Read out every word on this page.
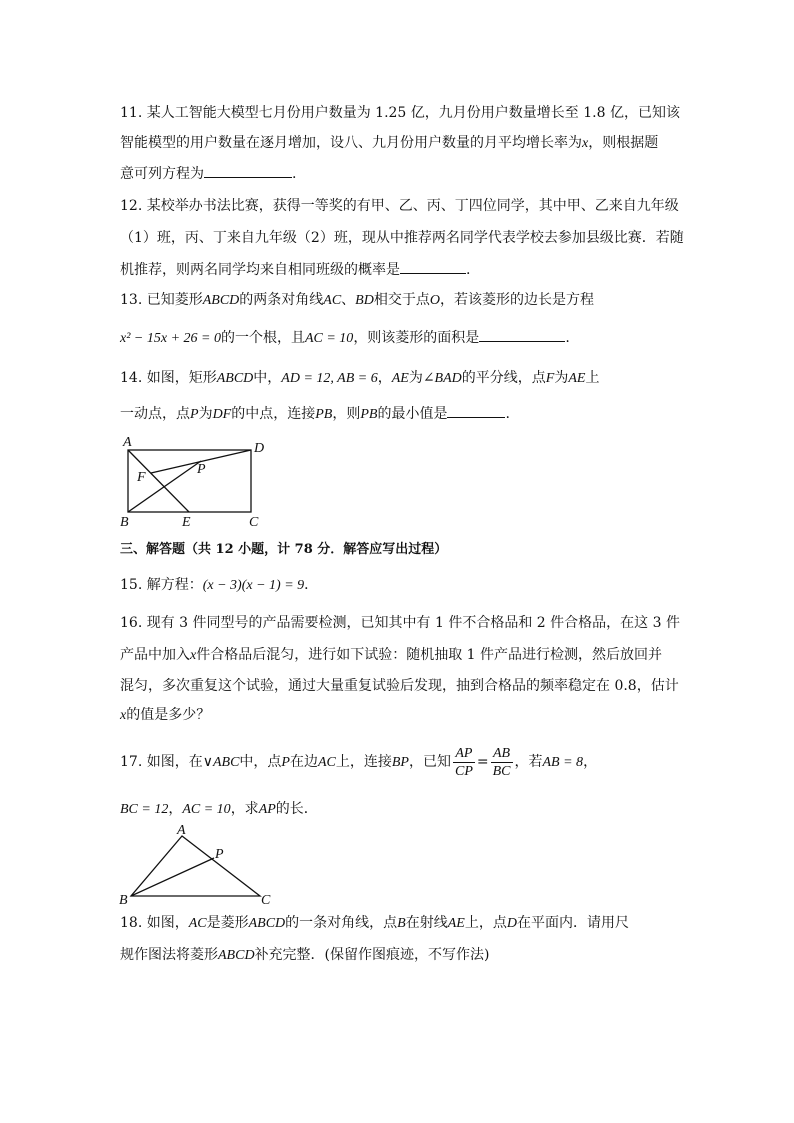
11. 某人工智能大模型七月份用户数量为 1.25 亿，九月份用户数量增长至 1.8 亿，已知该
智能模型的用户数量在逐月增加，设八、九月份用户数量的月平均增长率为x，则根据题
意可列方程为	.
12. 某校举办书法比赛，获得一等奖的有甲、乙、丙、丁四位同学，其中甲、乙来自九年级
（1）班，丙、丁来自九年级（2）班，现从中推荐两名同学代表学校去参加县级比赛．若随
机推荐，则两名同学均来自相同班级的概率是	.
13. 已知菱形ABCD的两条对角线AC、BD相交于点O，若该菱形的边长是方程
x² − 15x + 26 = 0的一个根，且AC = 10，则该菱形的面积是	.
14. 如图，矩形ABCD中，AD = 12, AB = 6，AE为∠BAD的平分线，点F为AE上
一动点，点P为DF的中点，连接PB，则PB的最小值是	.
A	D
F
P
B	E	C
三、解答题（共 12 小题，计 78 分．解答应写出过程）
15. 解方程：(x − 3)(x − 1) = 9．
16. 现有 3 件同型号的产品需要检测，已知其中有 1 件不合格品和 2 件合格品，在这 3 件
产品中加入x件合格品后混匀，进行如下试验：随机抽取 1 件产品进行检测，然后放回并
混匀，多次重复这个试验，通过大量重复试验后发现，抽到合格品的频率稳定在 0.8，估计
x的值是多少？
17. 如图，在∨ABC中，点P在边AC上，连接BP，已知 $\frac{AP}{CP} = \frac{AB}{BC}$ ，若AB = 8，
BC = 12，AC = 10，求AP的长．
A
P
B	C
18. 如图，AC是菱形ABCD的一条对角线，点B在射线AE上，点D在平面内．请用尺
规作图法将菱形ABCD补充完整．(保留作图痕迹，不写作法)
